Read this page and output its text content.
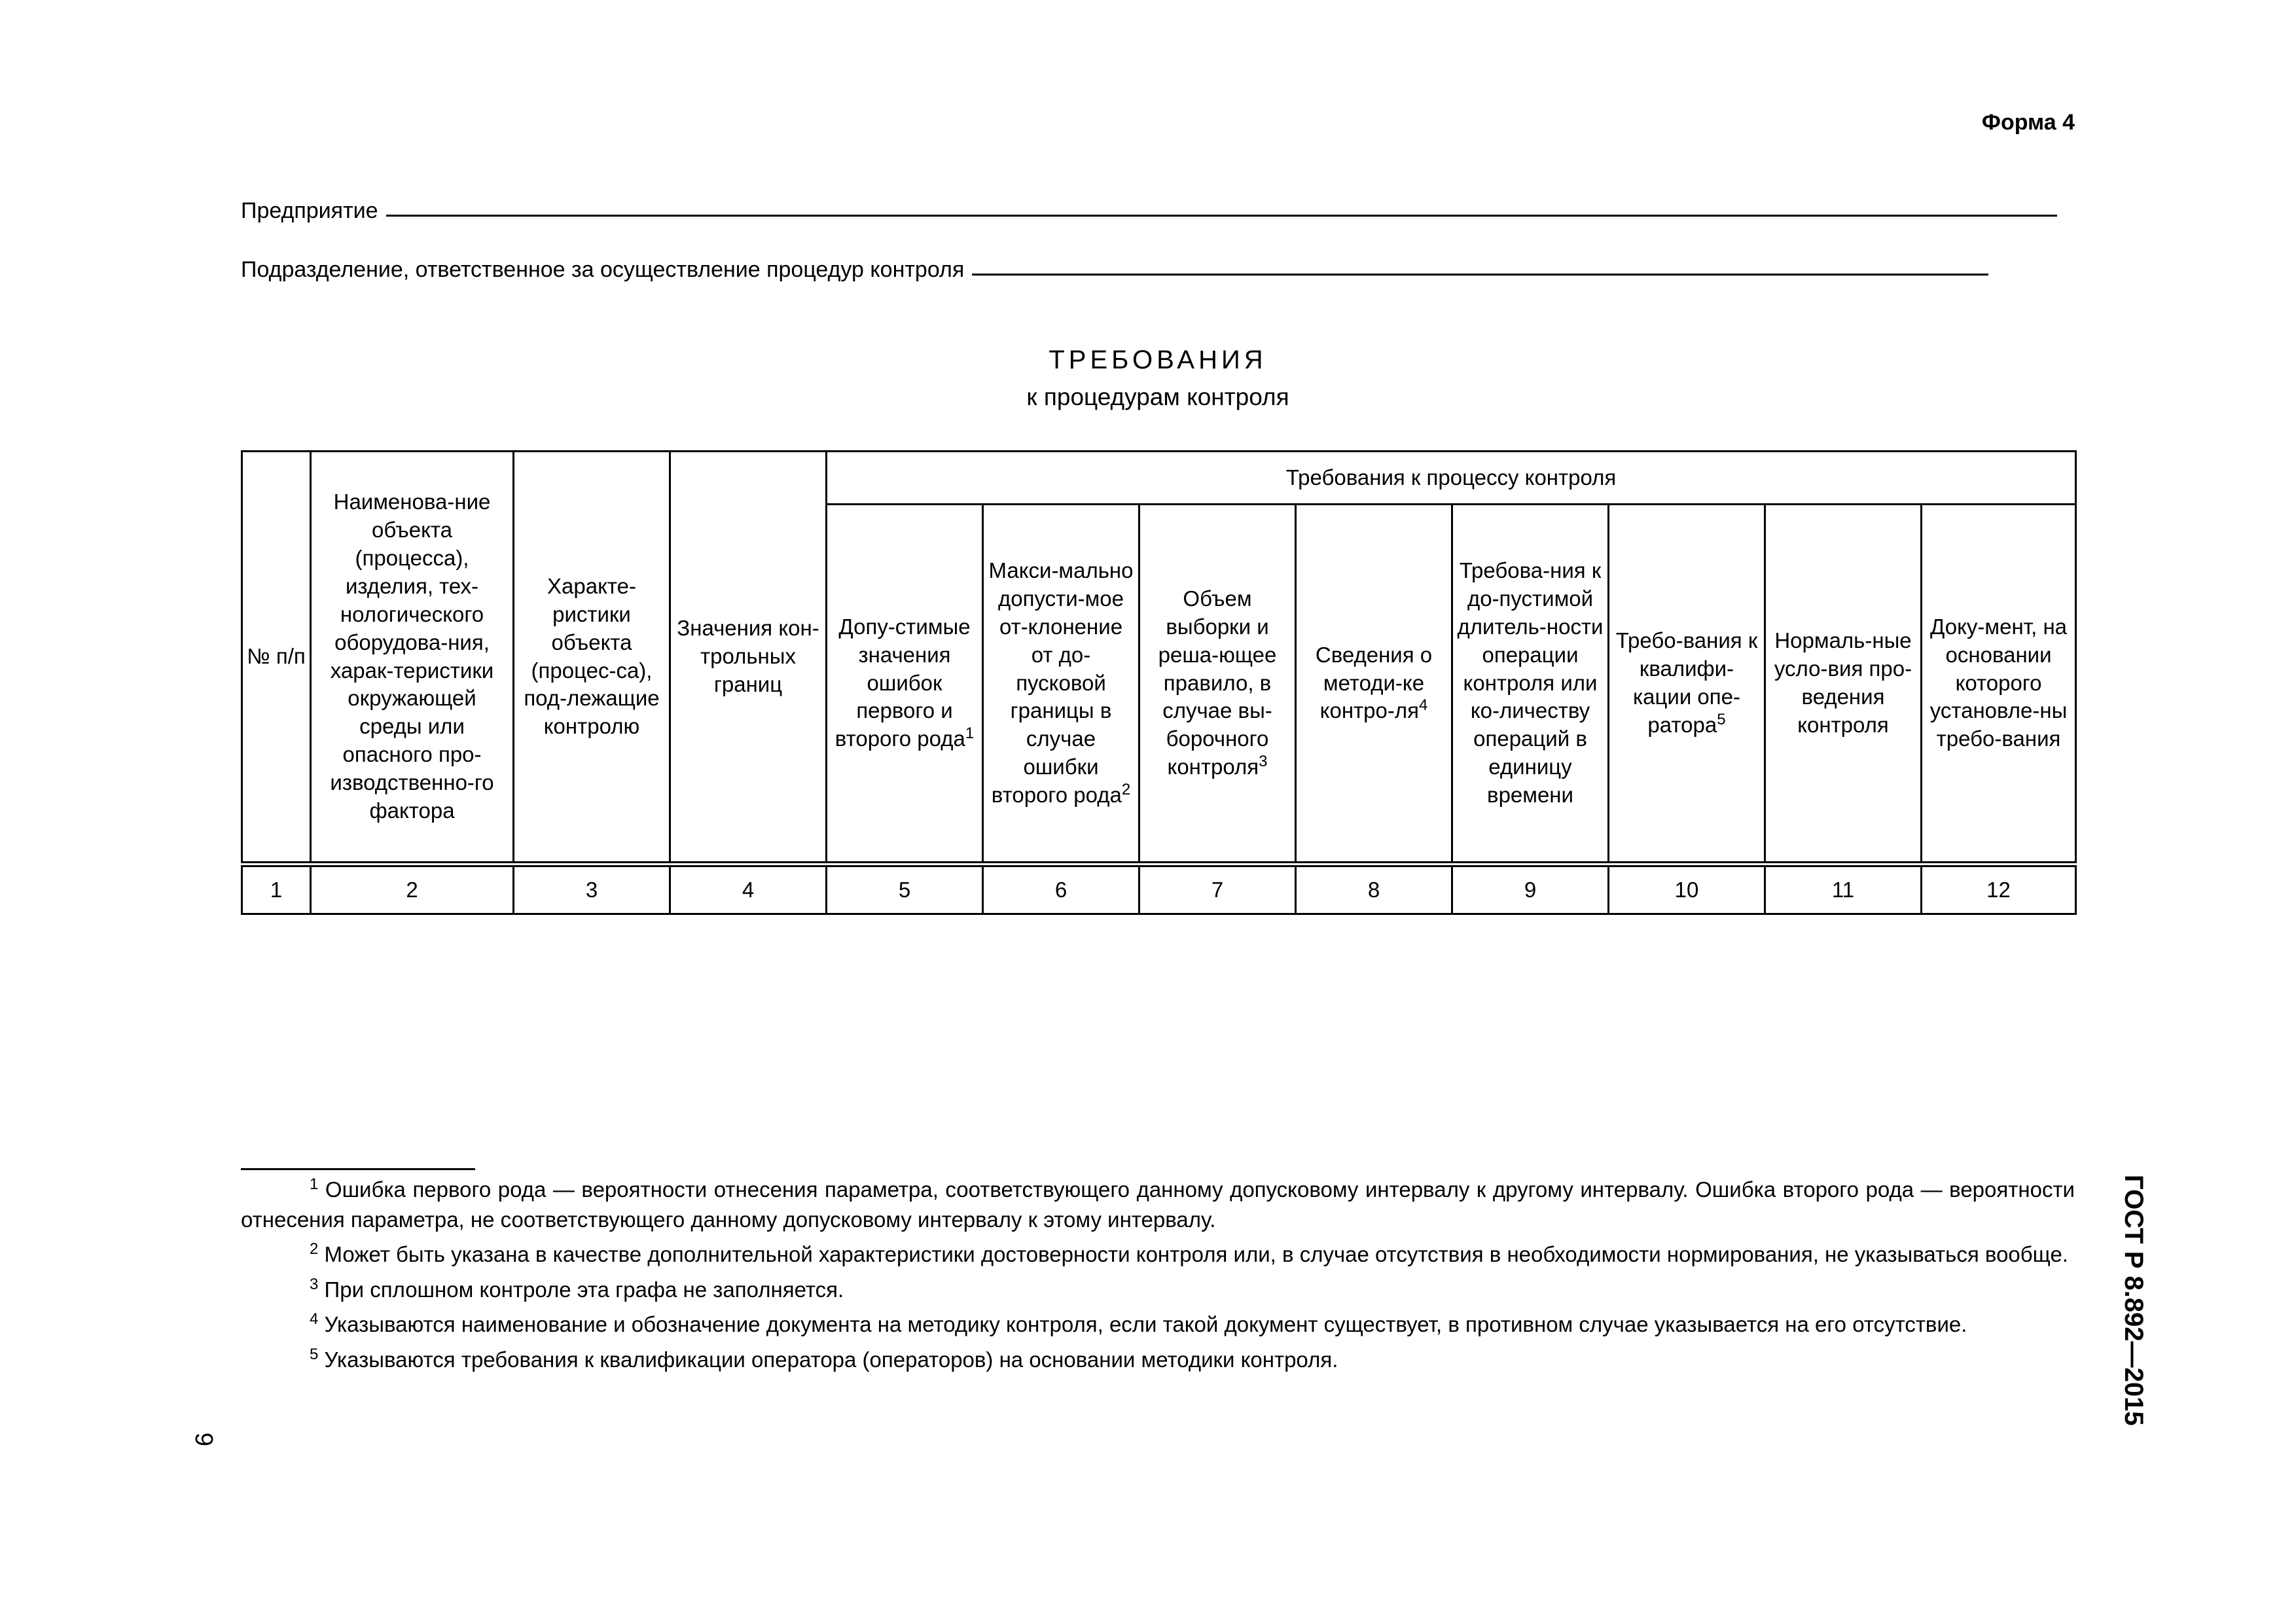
Форма 4
Предприятие
Подразделение, ответственное за осуществление процедур контроля
ТРЕБОВАНИЯ
к процедурам контроля
№ п/п	Наименова-ние объекта (процесса), изделия, тех-нологического оборудова-ния, харак-теристики окружающей среды или опасного про-изводственно-го фактора	Характе-ристики объекта (процес-са), под-лежащие контролю	Значения кон-трольных границ	Требования к процессу контроля							
				Допу-стимые значения ошибок первого и второго рода$^1$	Макси-мально допусти-мое от-клонение от до-пусковой границы в случае ошибки второго рода$^2$	Объем выборки и реша-ющее правило, в случае вы-борочного контроля$^3$	Сведения о методи-ке контро-$ля^4$	Требова-ния к до-пустимой длитель-ности операции контроля или ко-личеству операций в единицу времени	Требо-вания к квалифи-кации опе-ратора$^5$	Нормаль-ные усло-вия про-ведения контроля	Доку-мент, на основании которого установле-ны требо-вания
1	2	3	4	5	6	7	8	9	10	11	12

$^1$ Ошибка первого рода — вероятности отнесения параметра, соответствующего данному допусковому интервалу к другому интервалу. Ошибка второго рода — вероятности отнесения параметра, не соответствующего данному допусковому интервалу к этому интервалу.

$^2$ Может быть указана в качестве дополнительной характеристики достоверности контроля или, в случае отсутствия в необходимости нормирования, не указываться вообще.

$^3$ При сплошном контроле эта графа не заполняется.

$^4$ Указываются наименование и обозначение документа на методику контроля, если такой документ существует, в противном случае указывается на его отсутствие.

$^5$ Указываются требования к квалификации оператора (операторов) на основании методики контроля.	ГОСТ Р 8.892—2015
9
